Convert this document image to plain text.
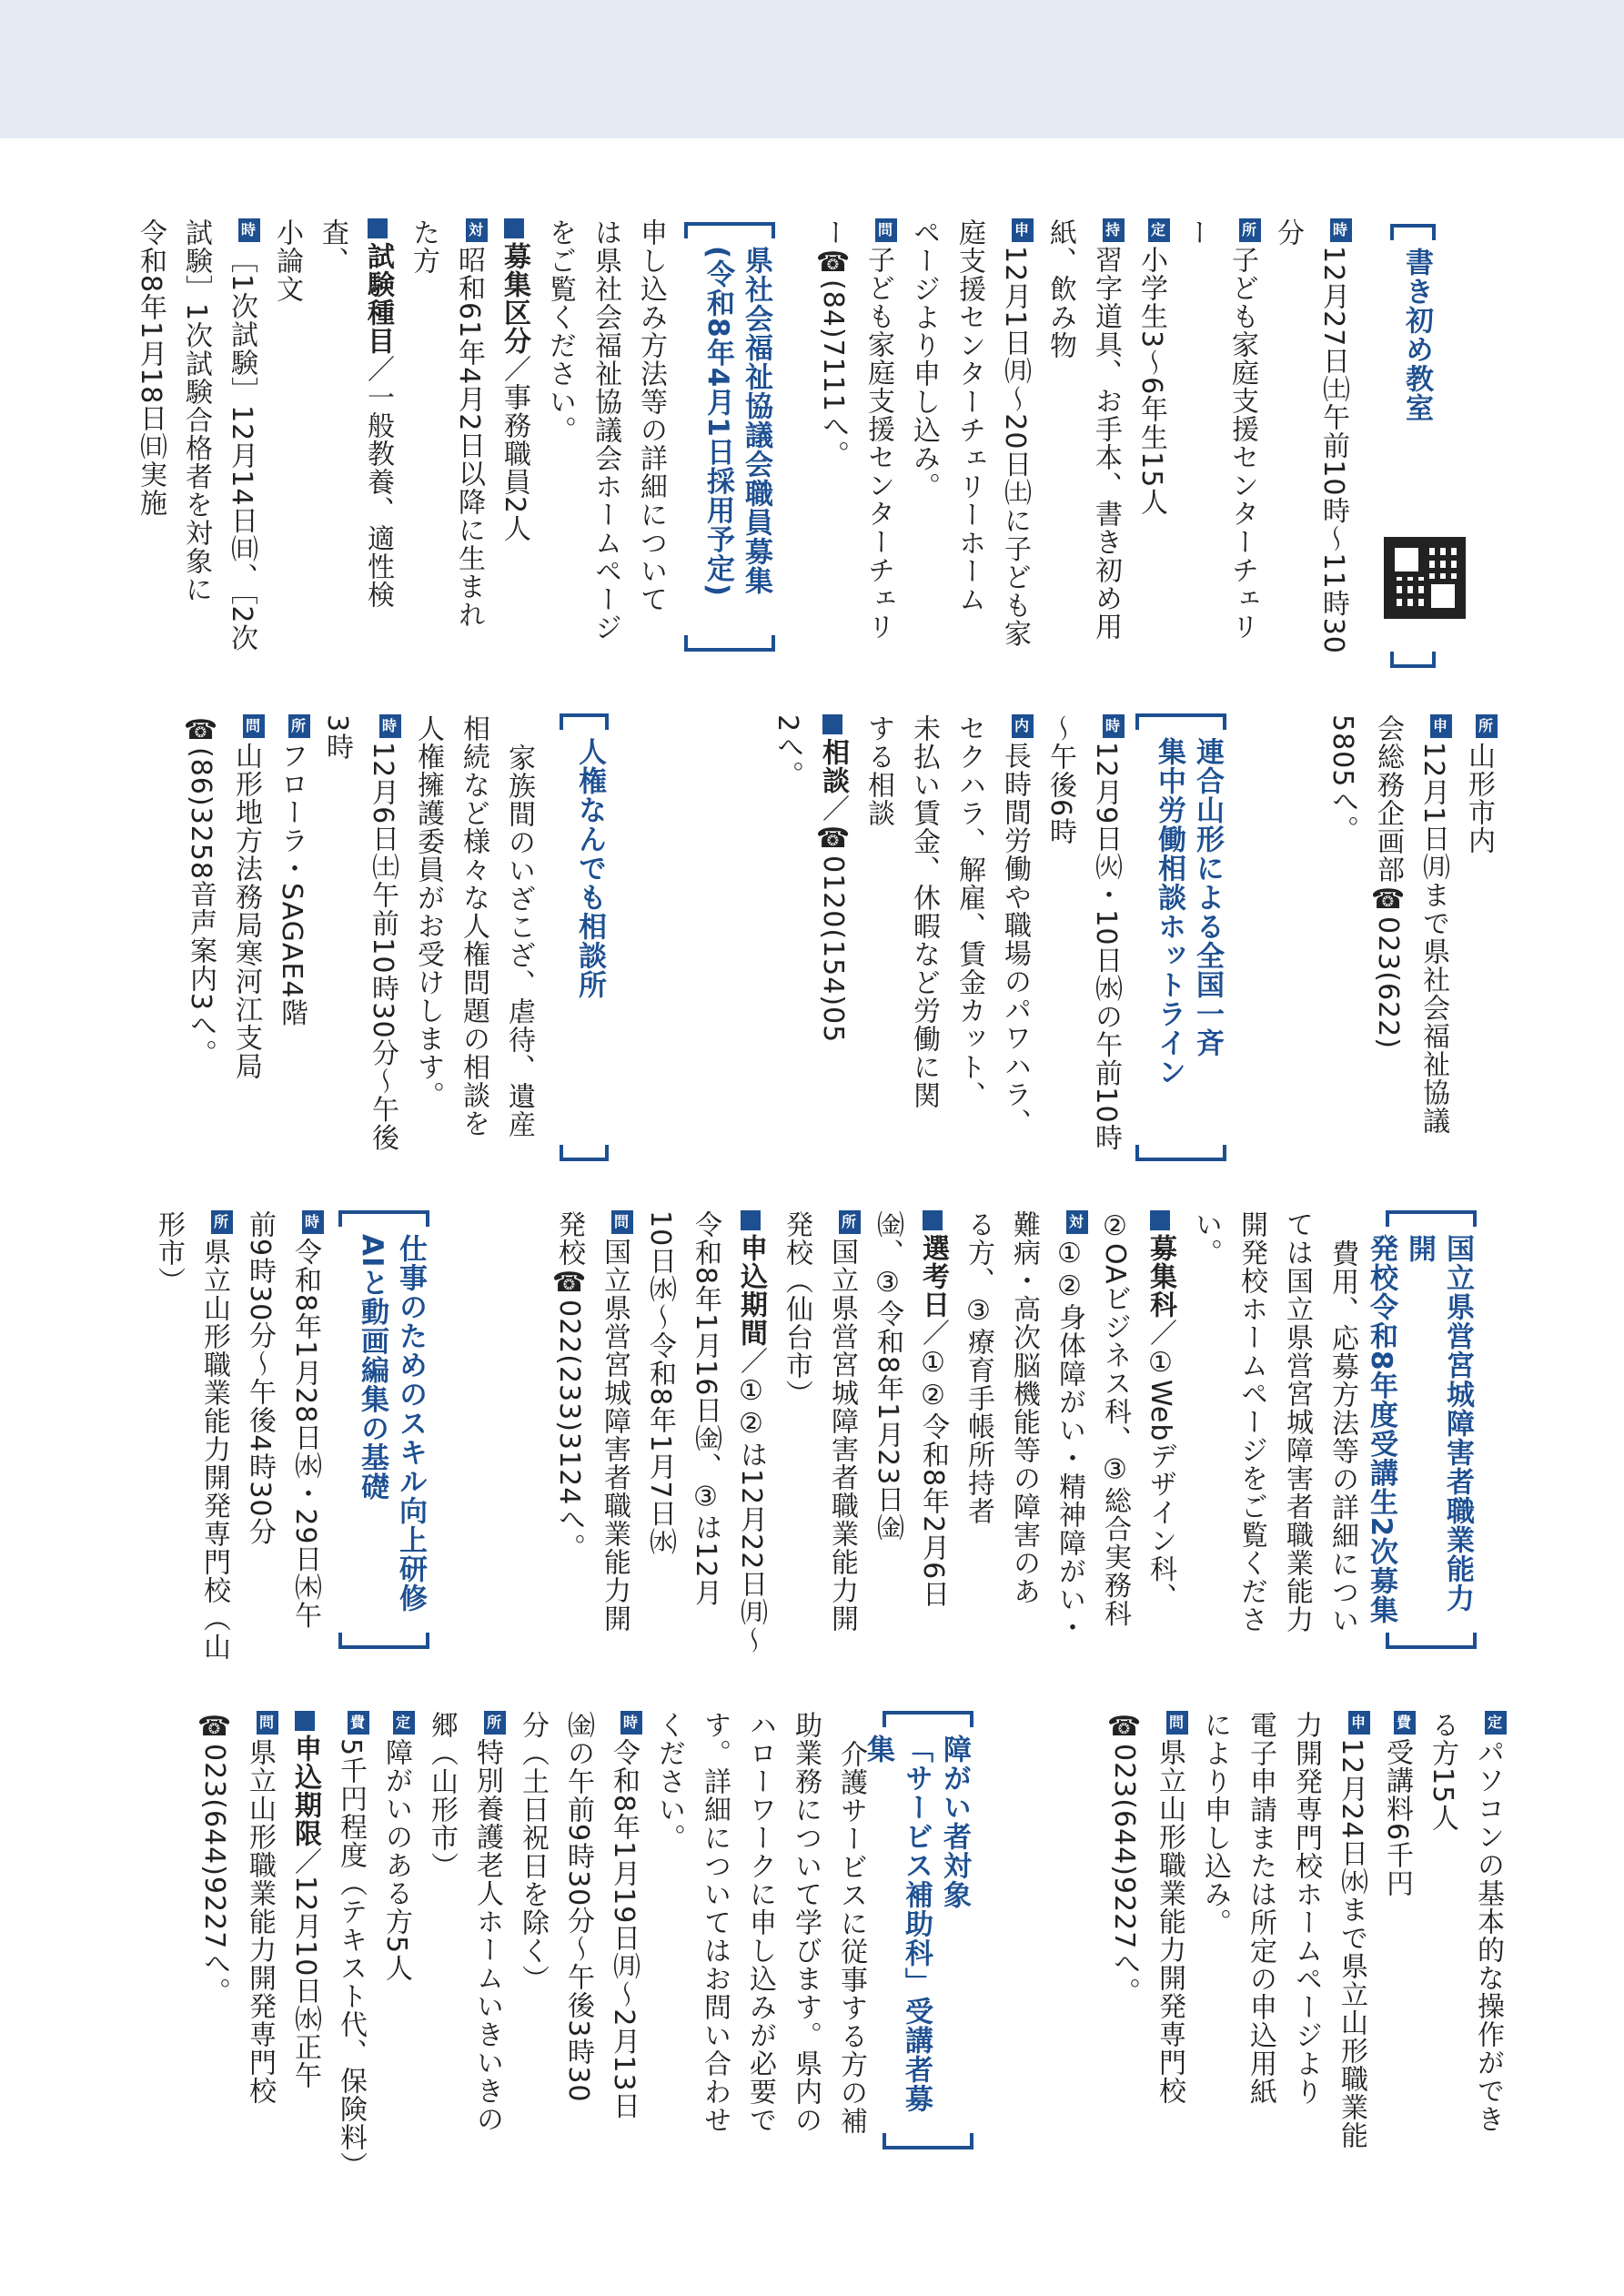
書き初め教室

時12月27日㈯午前10時～11時30分

所子ども家庭支援センターチェリー

定小学生3～6年生15人

持習字道具、お手本、書き初め用

紙、飲み物

申12月1日㈪～20日㈯に子ども家

庭支援センターチェリーホーム

ページより申し込み。

問子ども家庭支援センターチェリ

ー☎(84)7111へ。

県社会福祉協議会職員募集
(令和8年4月1日採用予定)

申し込み方法等の詳細について

は県社会福祉協議会ホームページ

をご覧ください。

募集区分／事務職員2人

対昭和61年4月2日以降に生まれ

た方

試験種目／一般教養、適性検査、

小論文

時［1次試験］12月14日㈰、［2次

試験］1次試験合格者を対象に

令和8年1月18日㈰実施

所山形市内

申12月1日㈪まで県社会福祉協議

会総務企画部☎023(622)

5805へ。

連合山形による全国一斉
集中労働相談ホットライン

時12月9日㈫・10日㈬の午前10時

～午後6時

内長時間労働や職場のパワハラ、

セクハラ、解雇、賃金カット、

未払い賃金、休暇など労働に関

する相談

相談／☎0120(154)05

2へ。

人権なんでも相談所

家族間のいざこざ、虐待、遺産

相続など様々な人権問題の相談を

人権擁護委員がお受けします。

時12月6日㈯午前10時30分～午後

3時

所フローラ・SAGAE4階

問山形地方法務局寒河江支局

☎(86)3258音声案内3へ。

国立県営宮城障害者職業能力開
発校令和8年度受講生2次募集

費用、応募方法等の詳細につい

ては国立県営宮城障害者職業能力

開発校ホームページをご覧ください。

募集科／①Webデザイン科、

②OAビジネス科、③総合実務科

対①②身体障がい・精神障がい・

難病・高次脳機能等の障害のあ

る方、③療育手帳所持者

選考日／①②令和8年2月6日

㈮、③令和8年1月23日㈮

所国立県営宮城障害者職業能力開

発校（仙台市）

申込期間／①②は12月22日㈪～

令和8年1月16日㈮、③は12月

10日㈬～令和8年1月7日㈬

問国立県営宮城障害者職業能力開

発校☎022(233)3124へ。

仕事のためのスキル向上研修
AIと動画編集の基礎

時令和8年1月28日㈬・29日㈭午

前9時30分～午後4時30分

所県立山形職業能力開発専門校（山

形市）

定パソコンの基本的な操作ができ

る方15人

費受講料6千円

申12月24日㈬まで県立山形職業能

力開発専門校ホームページより

電子申請または所定の申込用紙

により申し込み。

問県立山形職業能力開発専門校

☎023(644)9227へ。

障がい者対象
「サービス補助科」受講者募集

介護サービスに従事する方の補

助業務について学びます。県内の

ハローワークに申し込みが必要で

す。詳細についてはお問い合わせ

ください。

時令和8年1月19日㈪～2月13日

㈮の午前9時30分～午後3時30

分（土日祝日を除く）

所特別養護老人ホームいきいきの

郷（山形市）

定障がいのある方5人

費5千円程度（テキスト代、保険料）

申込期限／12月10日㈬正午

問県立山形職業能力開発専門校

☎023(644)9227へ。
